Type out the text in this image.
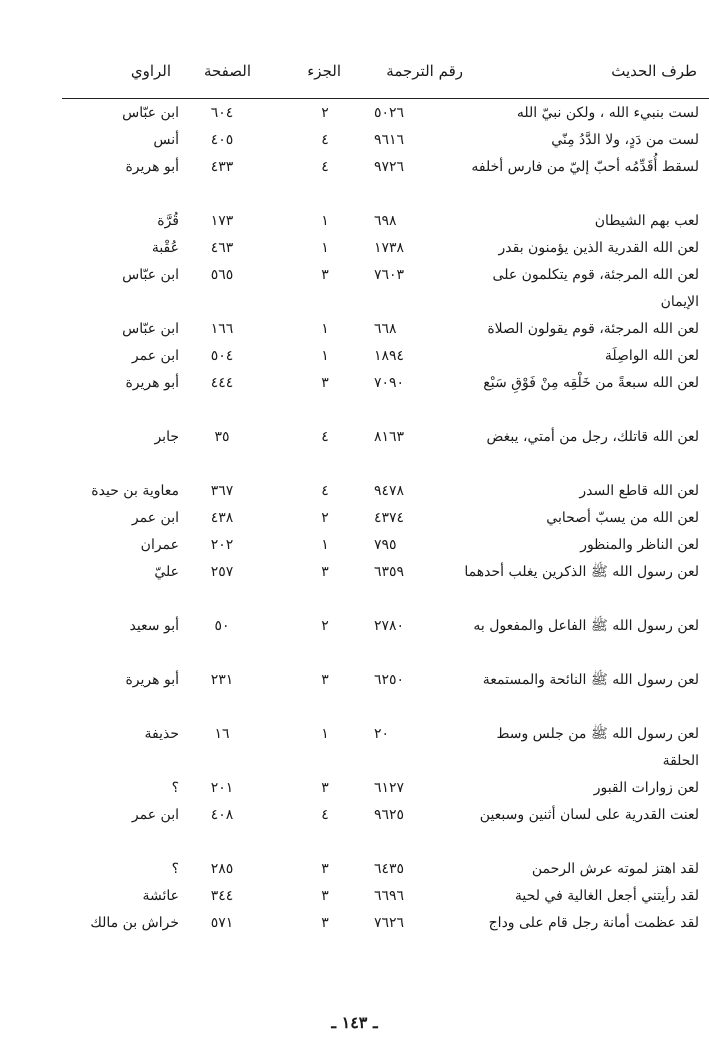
طرف الحديث
رقم الترجمة
الجزء
الصفحة
الراوي
لست بنبيء الله ، ولكن نبيّ الله
٥٠٢٦
٢
٦٠٤
ابن عبّاس
لست من دَدٍ، ولا الدَّدُ مِنّي
٩٦١٦
٤
٤٠٥
أنس
لسقط أُقَدِّمُه أحبّ إليّ من فارس أخلفه
٩٧٢٦
٤
٤٣٣
أبو هريرة
لعب بهم الشيطان
٦٩٨
١
١٧٣
قُرَّة
لعن الله القدرية الذين يؤمنون بقدر
١٧٣٨
١
٤٦٣
عُقْبة
لعن الله المرجئة، قوم يتكلمون على الإيمان
٧٦٠٣
٣
٥٦٥
ابن عبّاس
لعن الله المرجئة، قوم يقولون الصلاة
٦٦٨
١
١٦٦
ابن عبّاس
لعن الله الواصِلَة
١٨٩٤
١
٥٠٤
ابن عمر
لعن الله سبعةً من خَلْقِه مِنْ فَوْقِ سَبْع
٧٠٩٠
٣
٤٤٤
أبو هريرة
لعن الله قاتلك، رجل من أمتي، يبغض
٨١٦٣
٤
٣٥
جابر
لعن الله قاطع السدر
٩٤٧٨
٤
٣٦٧
معاوية بن حيدة
لعن الله من يسبّ أصحابي
٤٣٧٤
٢
٤٣٨
ابن عمر
لعن الناظر والمنظور
٧٩٥
١
٢٠٢
عمران
لعن رسول الله ﷺ الذكرين يغلب أحدهما
٦٣٥٩
٣
٢٥٧
عليّ
لعن رسول الله ﷺ الفاعل والمفعول به
٢٧٨٠
٢
٥٠
أبو سعيد
لعن رسول الله ﷺ النائحة والمستمعة
٦٢٥٠
٣
٢٣١
أبو هريرة
لعن رسول الله ﷺ من جلس وسط الحلقة
٢٠
١
١٦
حذيفة
لعن زوارات القبور
٦١٢٧
٣
٢٠١
؟
لعنت القدرية على لسان أثنين وسبعين
٩٦٢٥
٤
٤٠٨
ابن عمر
لقد اهتز لموته عرش الرحمن
٦٤٣٥
٣
٢٨٥
؟
لقد رأيتني أجعل الغالية في لحية
٦٦٩٦
٣
٣٤٤
عائشة
لقد عظمت أمانة رجل قام على وداج
٧٦٢٦
٣
٥٧١
خراش بن مالك
ـ ١٤٣ ـ
